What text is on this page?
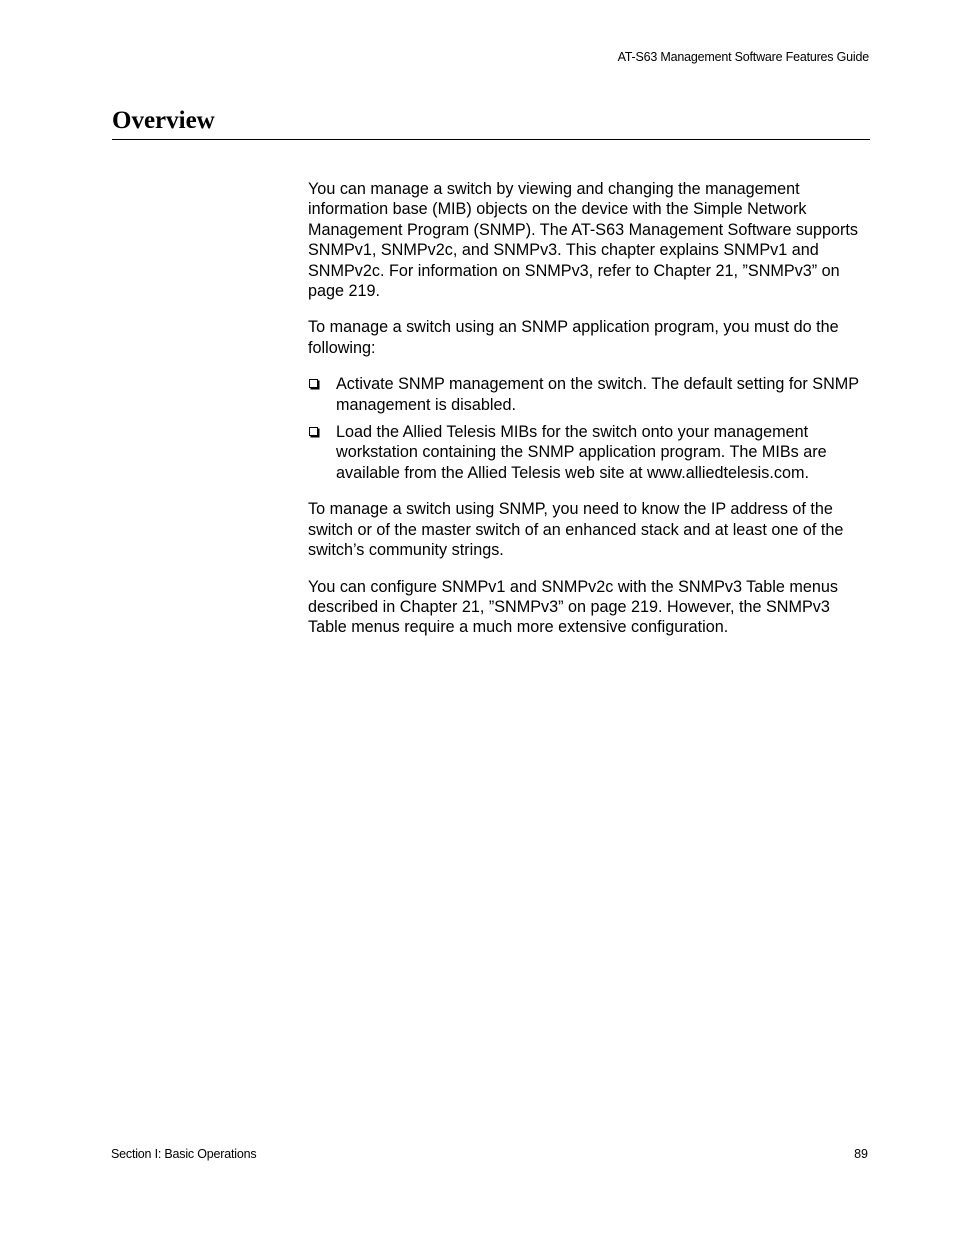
AT-S63 Management Software Features Guide
Overview

You can manage a switch by viewing and changing the management information base (MIB) objects on the device with the Simple Network Management Program (SNMP). The AT-S63 Management Software supports SNMPv1, SNMPv2c, and SNMPv3. This chapter explains SNMPv1 and SNMPv2c. For information on SNMPv3, refer to Chapter 21, ”SNMPv3” on page 219.

To manage a switch using an SNMP application program, you must do the following:

Activate SNMP management on the switch. The default setting for SNMP management is disabled.
Load the Allied Telesis MIBs for the switch onto your management workstation containing the SNMP application program. The MIBs are available from the Allied Telesis web site at www.alliedtelesis.com.

To manage a switch using SNMP, you need to know the IP address of the switch or of the master switch of an enhanced stack and at least one of the switch’s community strings.

You can configure SNMPv1 and SNMPv2c with the SNMPv3 Table menus described in Chapter 21, ”SNMPv3” on page 219. However, the SNMPv3 Table menus require a much more extensive configuration.

Section I: Basic Operations	89
